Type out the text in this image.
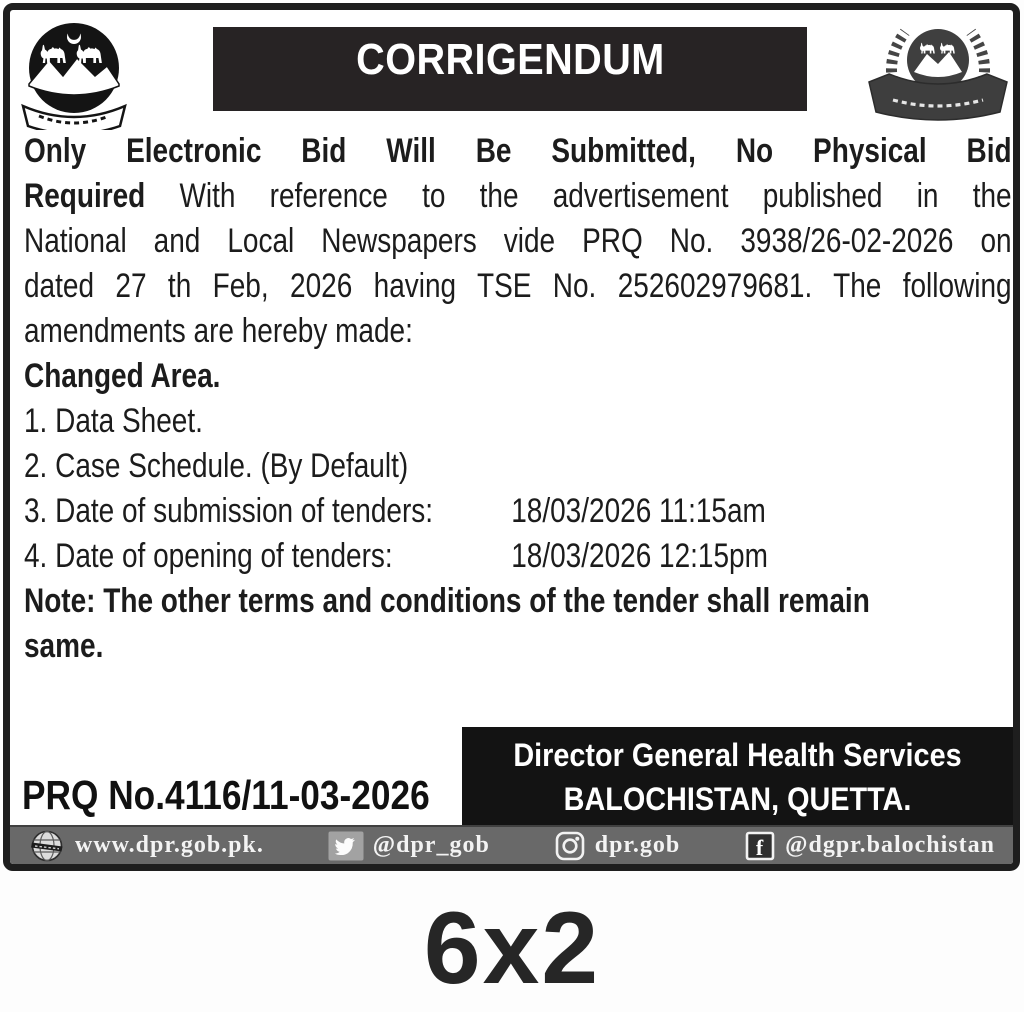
CORRIGENDUM
Only Electronic Bid Will Be Submitted, No Physical Bid
Required With reference to the advertisement published in the
National and Local Newspapers vide PRQ No. 3938/26-02-2026 on
dated 27 th Feb, 2026 having TSE No. 252602979681. The following
amendments are hereby made:
Changed Area.
1. Data Sheet.
2. Case Schedule. (By Default)
3. Date of submission of tenders:	18/03/2026 11:15am
4. Date of opening of tenders:	18/03/2026 12:15pm
Note: The other terms and conditions of the tender shall remain
same.
PRQ No.4116/11-03-2026
Director General Health Services
BALOCHISTAN, QUETTA.
www.dpr.gob.pk.	@dpr_gob	dpr.gob	f @dgpr.balochistan
6x2
